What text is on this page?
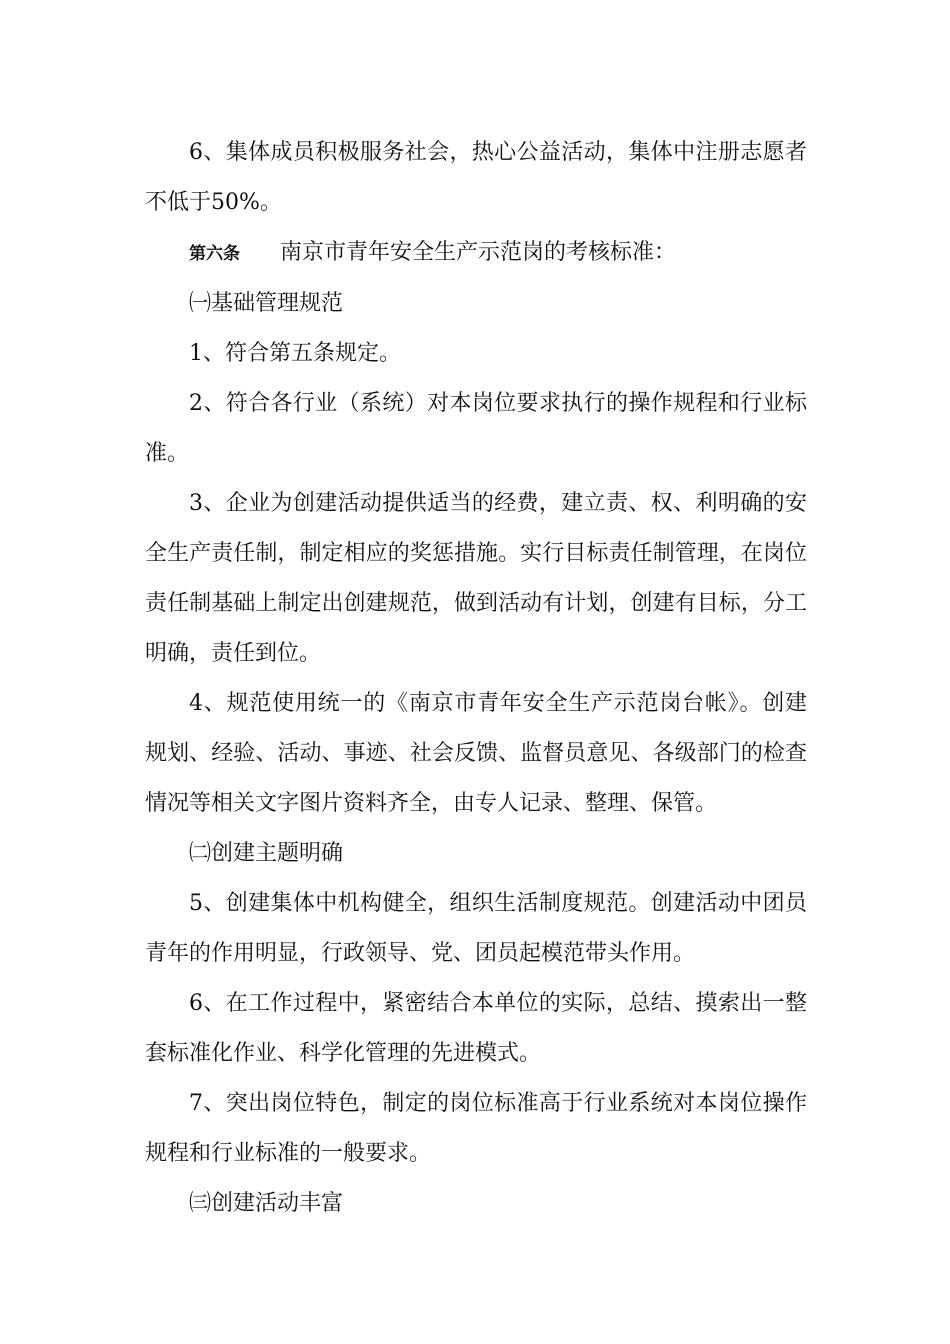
6、集体成员积极服务社会，热心公益活动，集体中注册志愿者不低于50%。

第六条 南京市青年安全生产示范岗的考核标准：

㈠基础管理规范

1、符合第五条规定。

2、符合各行业（系统）对本岗位要求执行的操作规程和行业标准。

3、企业为创建活动提供适当的经费，建立责、权、利明确的安全生产责任制，制定相应的奖惩措施。实行目标责任制管理，在岗位责任制基础上制定出创建规范，做到活动有计划，创建有目标，分工明确，责任到位。

4、规范使用统一的《南京市青年安全生产示范岗台帐》。创建规划、经验、活动、事迹、社会反馈、监督员意见、各级部门的检查情况等相关文字图片资料齐全，由专人记录、整理、保管。

㈡创建主题明确

5、创建集体中机构健全，组织生活制度规范。创建活动中团员青年的作用明显，行政领导、党、团员起模范带头作用。

6、在工作过程中，紧密结合本单位的实际，总结、摸索出一整套标准化作业、科学化管理的先进模式。

7、突出岗位特色，制定的岗位标准高于行业系统对本岗位操作规程和行业标准的一般要求。

㈢创建活动丰富
